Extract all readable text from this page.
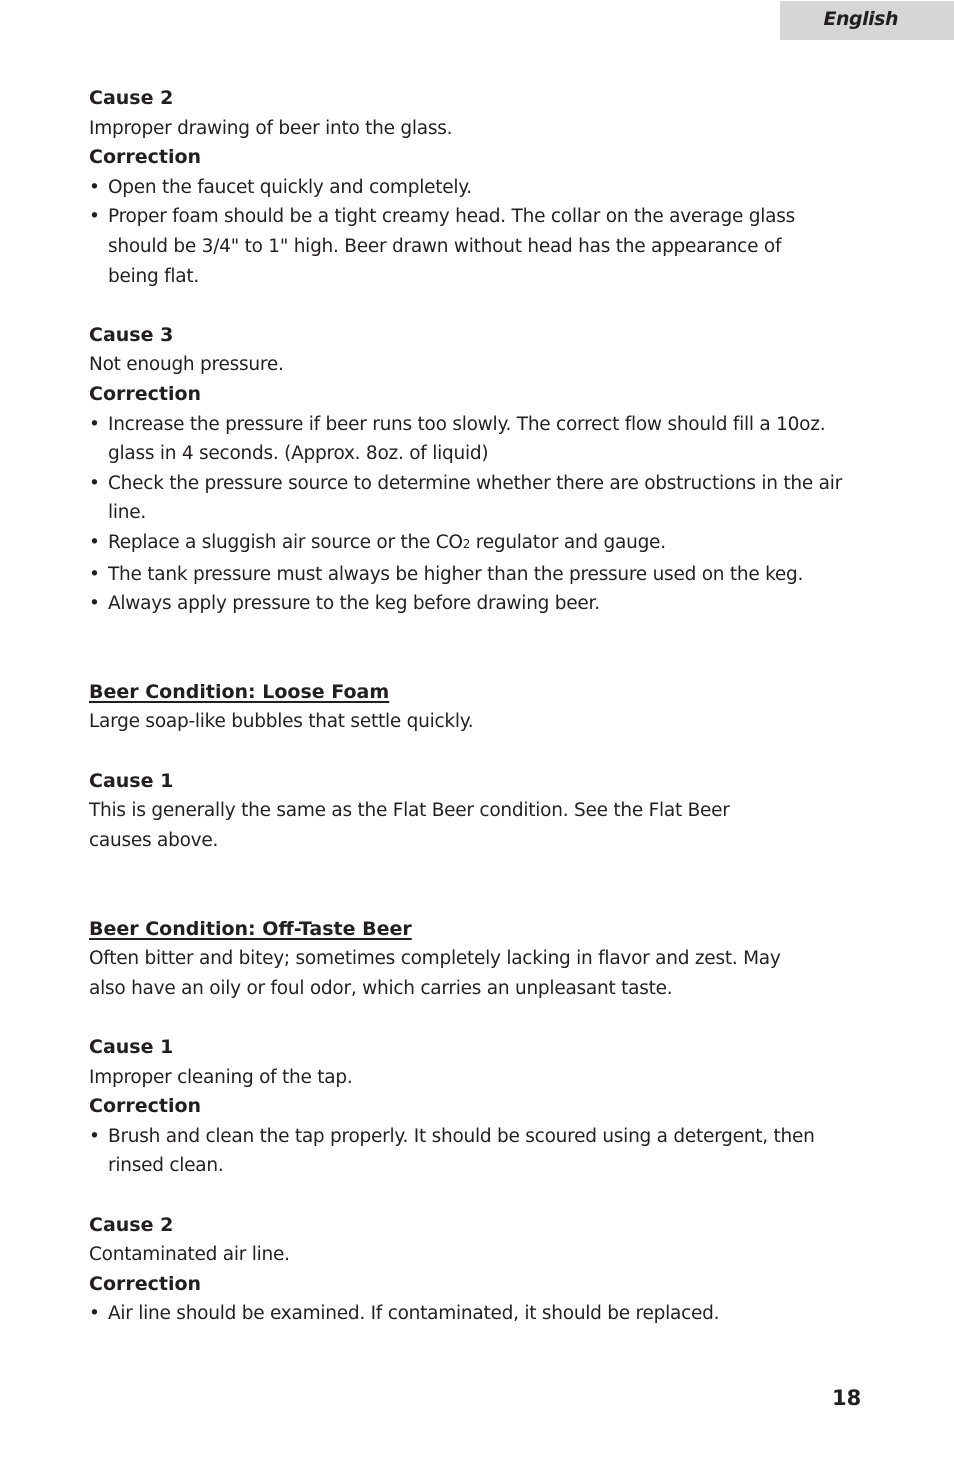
English
Cause 2
Improper drawing of beer into the glass.
Correction
• Open the faucet quickly and completely.
• Proper foam should be a tight creamy head. The collar on the average glass
should be 3/4" to 1" high. Beer drawn without head has the appearance of
being flat.
Cause 3
Not enough pressure.
Correction
• Increase the pressure if beer runs too slowly. The correct flow should fill a 10oz.
glass in 4 seconds. (Approx. 8oz. of liquid)
• Check the pressure source to determine whether there are obstructions in the air
line.
• Replace a sluggish air source or the CO2 regulator and gauge.
• The tank pressure must always be higher than the pressure used on the keg.
• Always apply pressure to the keg before drawing beer.
Beer Condition: Loose Foam
Large soap-like bubbles that settle quickly.
Cause 1
This is generally the same as the Flat Beer condition. See the Flat Beer
causes above.
Beer Condition: Off-Taste Beer
Often bitter and bitey; sometimes completely lacking in flavor and zest. May
also have an oily or foul odor, which carries an unpleasant taste.
Cause 1
Improper cleaning of the tap.
Correction
• Brush and clean the tap properly. It should be scoured using a detergent, then
rinsed clean.
Cause 2
Contaminated air line.
Correction
• Air line should be examined. If contaminated, it should be replaced.
18
